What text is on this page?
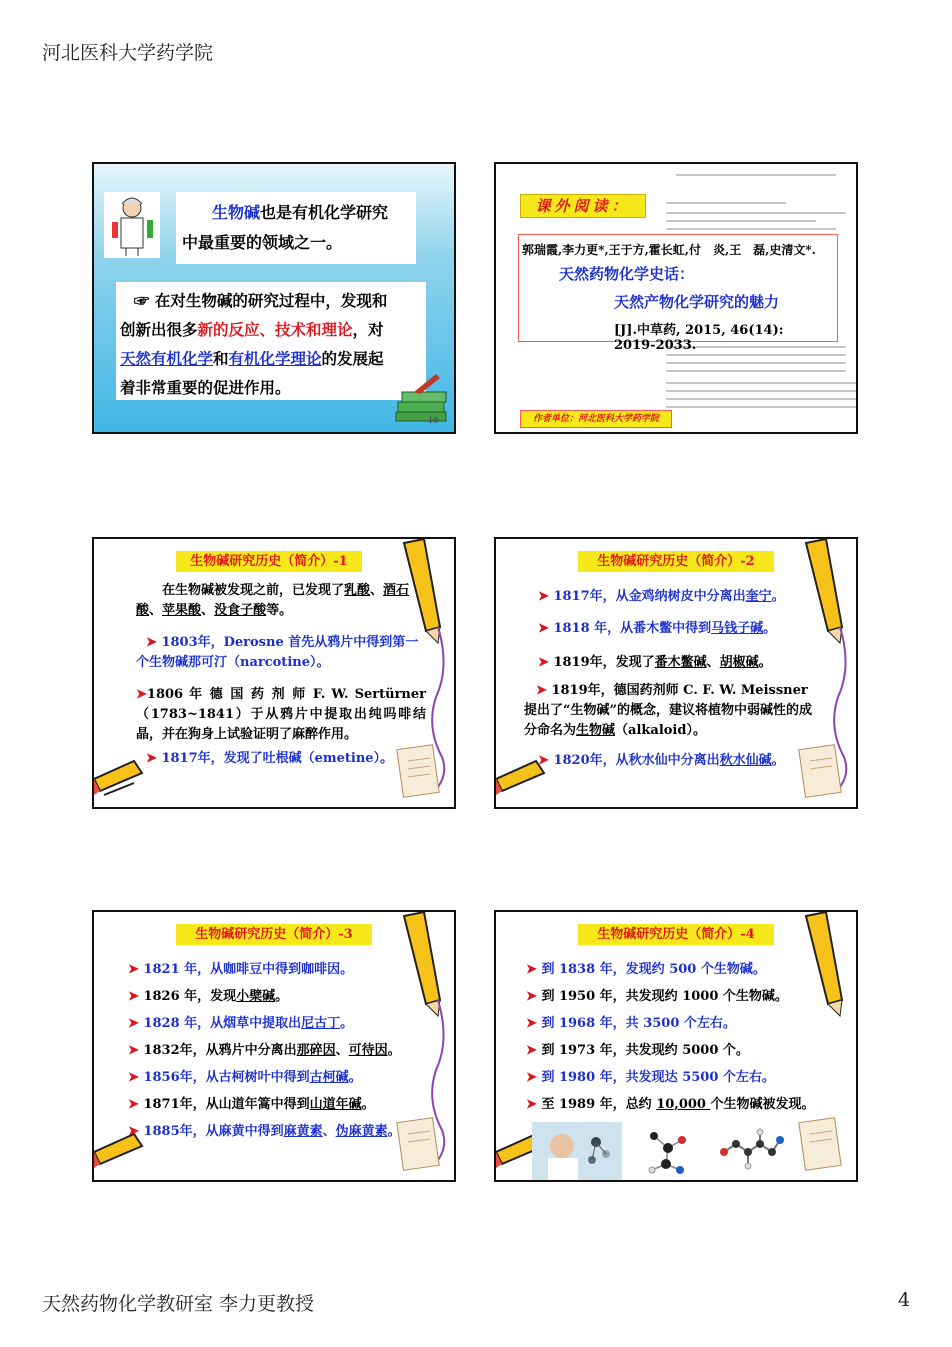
河北医科大学药学院
生物碱也是有机化学研究
中最重要的领域之一。
☞ 在对生物碱的研究过程中，发现和
创新出很多新的反应、技术和理论，对
天然有机化学和有机化学理论的发展起
着非常重要的促进作用。
19
课外阅读：
郭瑞霞,李力更*,王于方,霍长虹,付　炎,王　磊,史清文*.
天然药物化学史话：
天然产物化学研究的魅力
[J].中草药, 2015, 46(14):　2019-2033.
作者单位：河北医科大学药学院
生物碱研究历史（简介）-1
在生物碱被发现之前，已发现了乳酸、酒石酸、苹果酸、没食子酸等。
➤ 1803年，Derosne 首先从鸦片中得到第一个生物碱那可汀（narcotine）。
➤1806 年 德 国 药 剂 师 F. W. Sertürner （1783~1841）于从鸦片中提取出纯吗啡结晶，并在狗身上试验证明了麻醉作用。
➤ 1817年，发现了吐根碱（emetine）。
生物碱研究历史（简介）-2
➤ 1817年，从金鸡纳树皮中分离出奎宁。
➤ 1818 年，从番木鳖中得到马钱子碱。
➤ 1819年，发现了番木鳖碱、胡椒碱。
➤ 1819年，德国药剂师 C. F. W. Meissner 提出了“生物碱”的概念，建议将植物中弱碱性的成分命名为生物碱（alkaloid）。
➤ 1820年，从秋水仙中分离出秋水仙碱。
生物碱研究历史（简介）-3
➤ 1821 年，从咖啡豆中得到咖啡因。
➤ 1826 年，发现小檗碱。
➤ 1828 年，从烟草中提取出尼古丁。
➤ 1832年，从鸦片中分离出那碎因、可待因。
➤ 1856年，从古柯树叶中得到古柯碱。
➤ 1871年，从山道年篙中得到山道年碱。
➤ 1885年，从麻黄中得到麻黄素、伪麻黄素。
生物碱研究历史（简介）-4
➤ 到 1838 年，发现约 500 个生物碱。
➤ 到 1950 年，共发现约 1000 个生物碱。
➤ 到 1968 年，共 3500 个左右。
➤ 到 1973 年，共发现约 5000 个。
➤ 到 1980 年，共发现达 5500 个左右。
➤ 至 1989 年，总约 10,000 个生物碱被发现。
天然药物化学教研室 李力更教授	4
